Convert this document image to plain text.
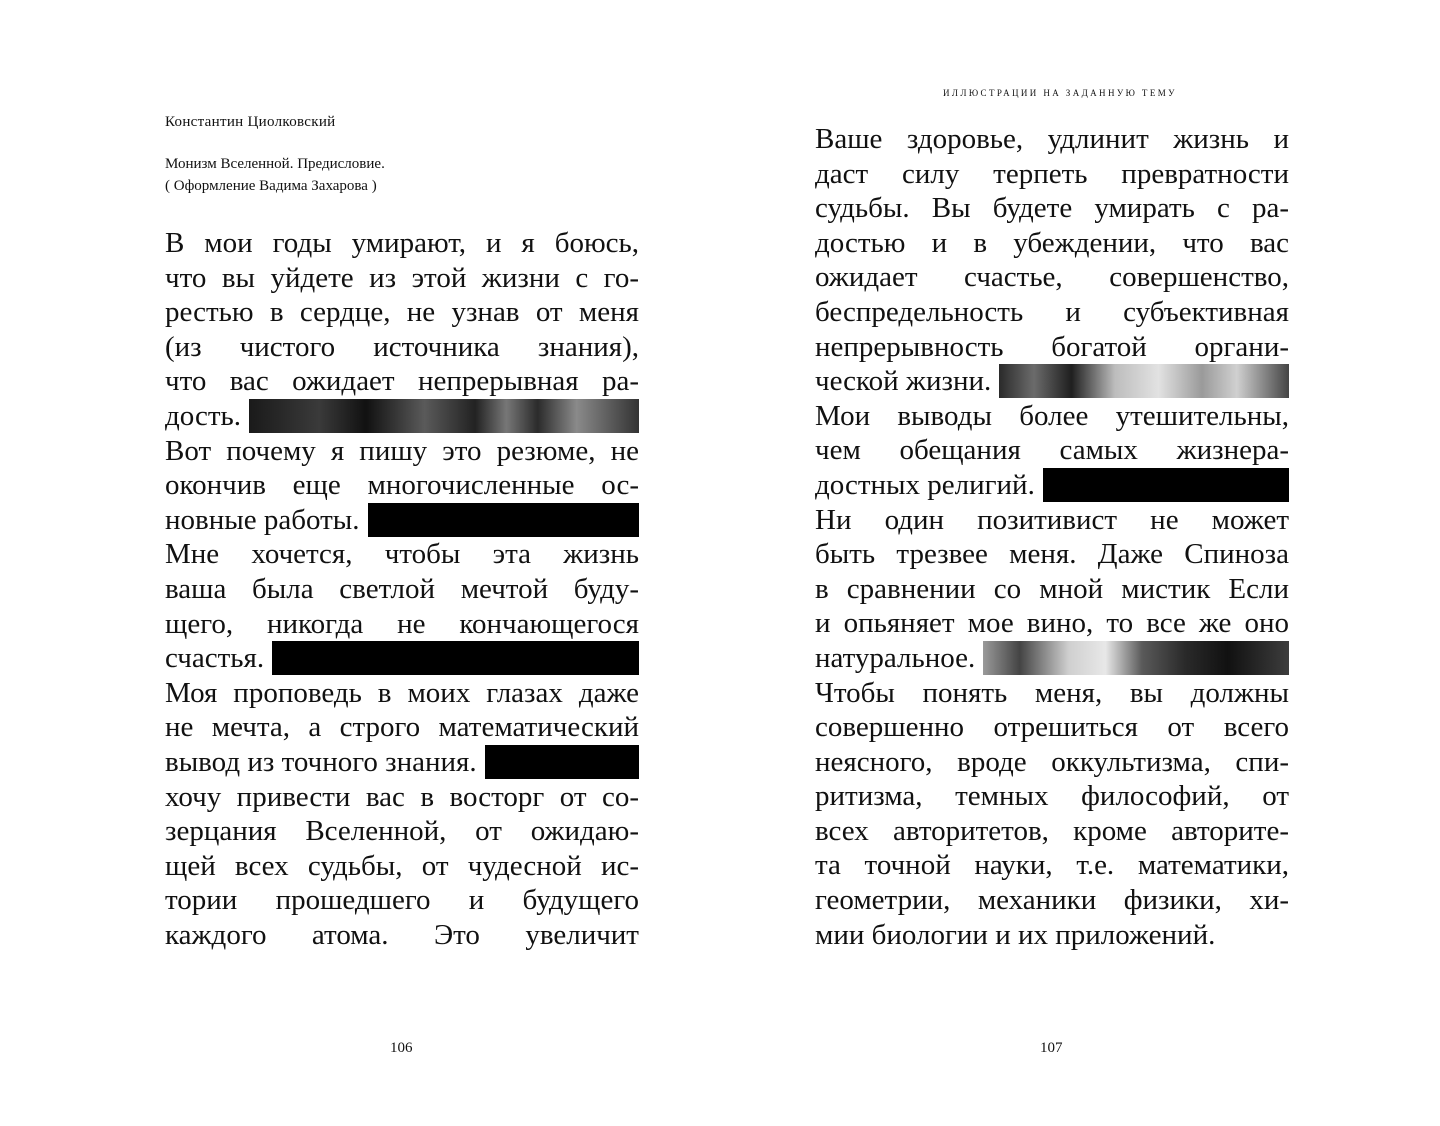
Константин Циолковский
Монизм Вселенной. Предисловие.
( Оформление Вадима Захарова )
В мои годы умирают, и я боюсь,
что вы уйдете из этой жизни с го-
рестью в сердце, не узнав от меня
(из чистого источника знания),
что вас ожидает непрерывная ра-
дость.
Вот почему я пишу это резюме, не
окончив еще многочисленные ос-
новные работы.
Мне хочется, чтобы эта жизнь
ваша была светлой мечтой буду-
щего, никогда не кончающегося
счастья.
Моя проповедь в моих глазах даже
не мечта, а строго математический
вывод из точного знания.
хочу привести вас в восторг от со-
зерцания Вселенной, от ожидаю-
щей всех судьбы, от чудесной ис-
тории прошедшего и будущего
каждого атома. Это увеличит
106
ИЛЛЮСТРАЦИИ НА ЗАДАННУЮ ТЕМУ
Ваше здоровье, удлинит жизнь и
даст силу терпеть превратности
судьбы. Вы будете умирать с ра-
достью и в убеждении, что вас
ожидает счастье, совершенство,
беспредельность и субъективная
непрерывность богатой органи-
ческой жизни.
Мои выводы более утешительны,
чем обещания самых жизнера-
достных религий.
Ни один позитивист не может
быть трезвее меня. Даже Спиноза
в сравнении со мной мистик Если
и опьяняет мое вино, то все же оно
натуральное.
Чтобы понять меня, вы должны
совершенно отрешиться от всего
неясного, вроде оккультизма, спи-
ритизма, темных философий, от
всех авторитетов, кроме авторите-
та точной науки, т.е. математики,
геометрии, механики физики, хи-
мии биологии и их приложений.
107
